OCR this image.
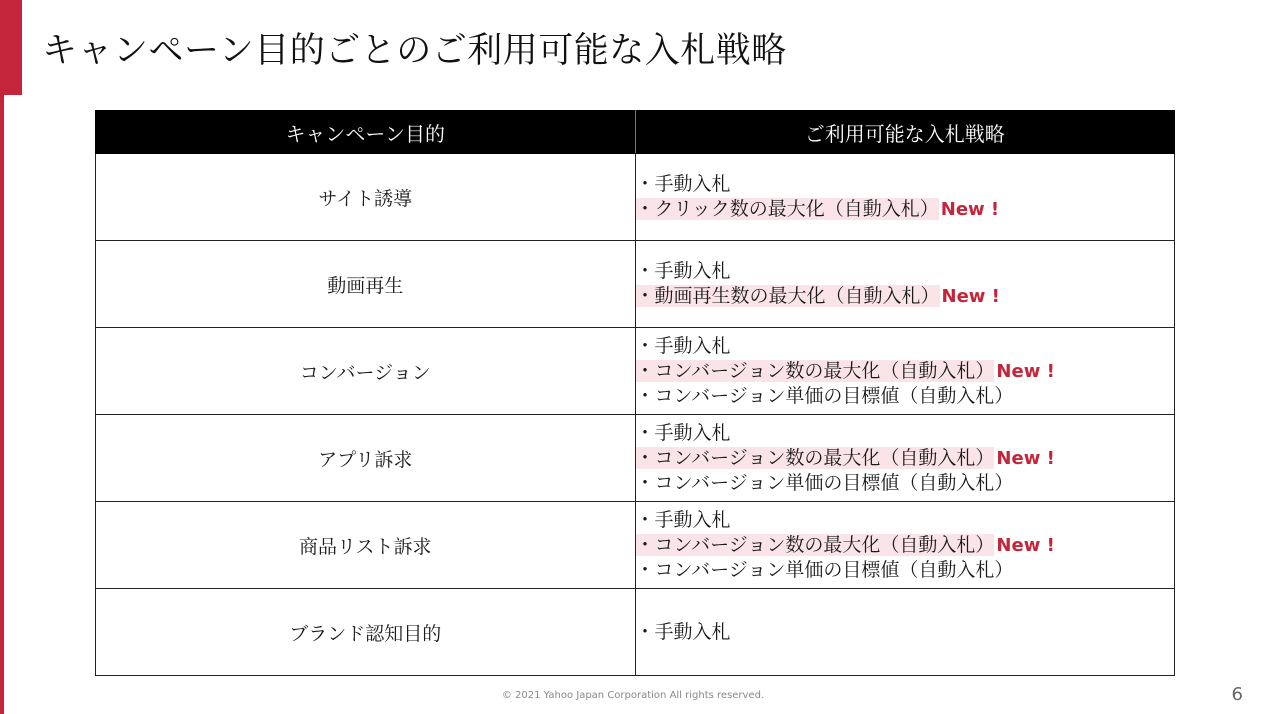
キャンペーン目的ごとのご利用可能な入札戦略
キャンペーン目的	ご利用可能な入札戦略
サイト誘導	・手動入札
・クリック数の最大化（自動入札） New !

動画再生	・手動入札
・動画再生数の最大化（自動入札） New !

コンバージョン	・手動入札
・コンバージョン数の最大化（自動入札） New !
・コンバージョン単価の目標値（自動入札）

アプリ訴求	・手動入札
・コンバージョン数の最大化（自動入札） New !
・コンバージョン単価の目標値（自動入札）

商品リスト訴求	・手動入札
・コンバージョン数の最大化（自動入札） New !
・コンバージョン単価の目標値（自動入札）

ブランド認知目的	・手動入札
© 2021 Yahoo Japan Corporation All rights reserved.	6
